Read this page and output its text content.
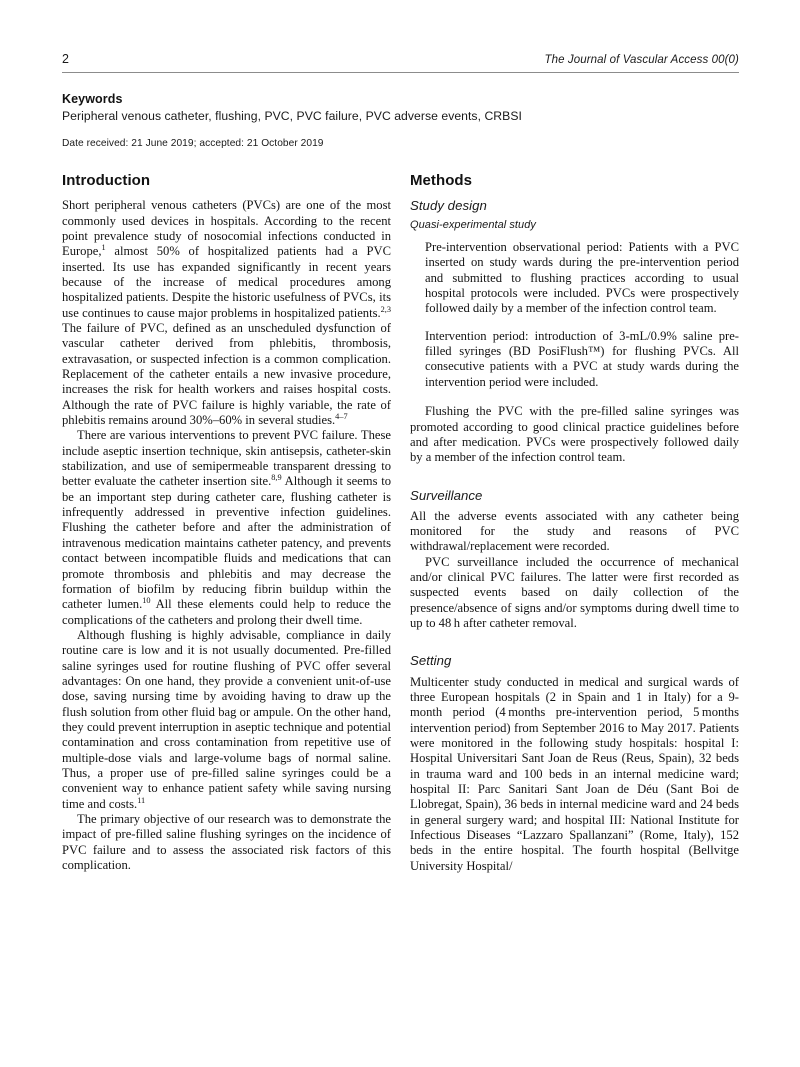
2	The Journal of Vascular Access 00(0)
Keywords
Peripheral venous catheter, flushing, PVC, PVC failure, PVC adverse events, CRBSI
Date received: 21 June 2019; accepted: 21 October 2019
Introduction

Short peripheral venous catheters (PVCs) are one of the most commonly used devices in hospitals. According to the recent point prevalence study of nosocomial infections conducted in Europe,$^1$ almost 50% of hospitalized patients had a PVC inserted. Its use has expanded significantly in recent years because of the increase of medical procedures among hospitalized patients. Despite the historic usefulness of PVCs, its use continues to cause major problems in hospitalized patients.$^{2,3}$ The failure of PVC, defined as an unscheduled dysfunction of vascular catheter derived from phlebitis, thrombosis, extravasation, or suspected infection is a common complication. Replacement of the catheter entails a new invasive procedure, increases the risk for health workers and raises hospital costs. Although the rate of PVC failure is highly variable, the rate of phlebitis remains around 30%–60% in several studies.$^{4-7}$

There are various interventions to prevent PVC failure. These include aseptic insertion technique, skin antisepsis, catheter-skin stabilization, and use of semipermeable transparent dressing to better evaluate the catheter insertion site.$^{8,9}$ Although it seems to be an important step during catheter care, flushing catheter is infrequently addressed in preventive infection guidelines. Flushing the catheter before and after the administration of intravenous medication maintains catheter patency, and prevents contact between incompatible fluids and medications that can promote thrombosis and phlebitis and may decrease the formation of biofilm by reducing fibrin buildup within the catheter lumen.$^{10}$ All these elements could help to reduce the complications of the catheters and prolong their dwell time.

Although flushing is highly advisable, compliance in daily routine care is low and it is not usually documented. Pre-filled saline syringes used for routine flushing of PVC offer several advantages: On one hand, they provide a convenient unit-of-use dose, saving nursing time by avoiding having to draw up the flush solution from other fluid bag or ampule. On the other hand, they could prevent interruption in aseptic technique and potential contamination and cross contamination from repetitive use of multiple-dose vials and large-volume bags of normal saline. Thus, a proper use of pre-filled saline syringes could be a convenient way to enhance patient safety while saving nursing time and costs.$^{11}$

The primary objective of our research was to demonstrate the impact of pre-filled saline flushing syringes on the incidence of PVC failure and to assess the associated risk factors of this complication.

Methods
Study design
Quasi-experimental study

Pre-intervention observational period: Patients with a PVC inserted on study wards during the pre-intervention period and submitted to flushing practices according to usual hospital protocols were included. PVCs were prospectively followed daily by a member of the infection control team.

Intervention period: introduction of 3-mL/0.9% saline pre-filled syringes (BD PosiFlush™) for flushing PVCs. All consecutive patients with a PVC at study wards during the intervention period were included.

Flushing the PVC with the pre-filled saline syringes was promoted according to good clinical practice guidelines before and after medication. PVCs were prospectively followed daily by a member of the infection control team.

Surveillance

All the adverse events associated with any catheter being monitored for the study and reasons of PVC withdrawal/replacement were recorded.

PVC surveillance included the occurrence of mechanical and/or clinical PVC failures. The latter were first recorded as suspected events based on daily collection of the presence/absence of signs and/or symptoms during dwell time to up to 48 h after catheter removal.

Setting

Multicenter study conducted in medical and surgical wards of three European hospitals (2 in Spain and 1 in Italy) for a 9-month period (4 months pre-intervention period, 5 months intervention period) from September 2016 to May 2017. Patients were monitored in the following study hospitals: hospital I: Hospital Universitari Sant Joan de Reus (Reus, Spain), 32 beds in trauma ward and 100 beds in an internal medicine ward; hospital II: Parc Sanitari Sant Joan de Déu (Sant Boi de Llobregat, Spain), 36 beds in internal medicine ward and 24 beds in general surgery ward; and hospital III: National Institute for Infectious Diseases “Lazzaro Spallanzani” (Rome, Italy), 152 beds in the entire hospital. The fourth hospital (Bellvitge University Hospital/
